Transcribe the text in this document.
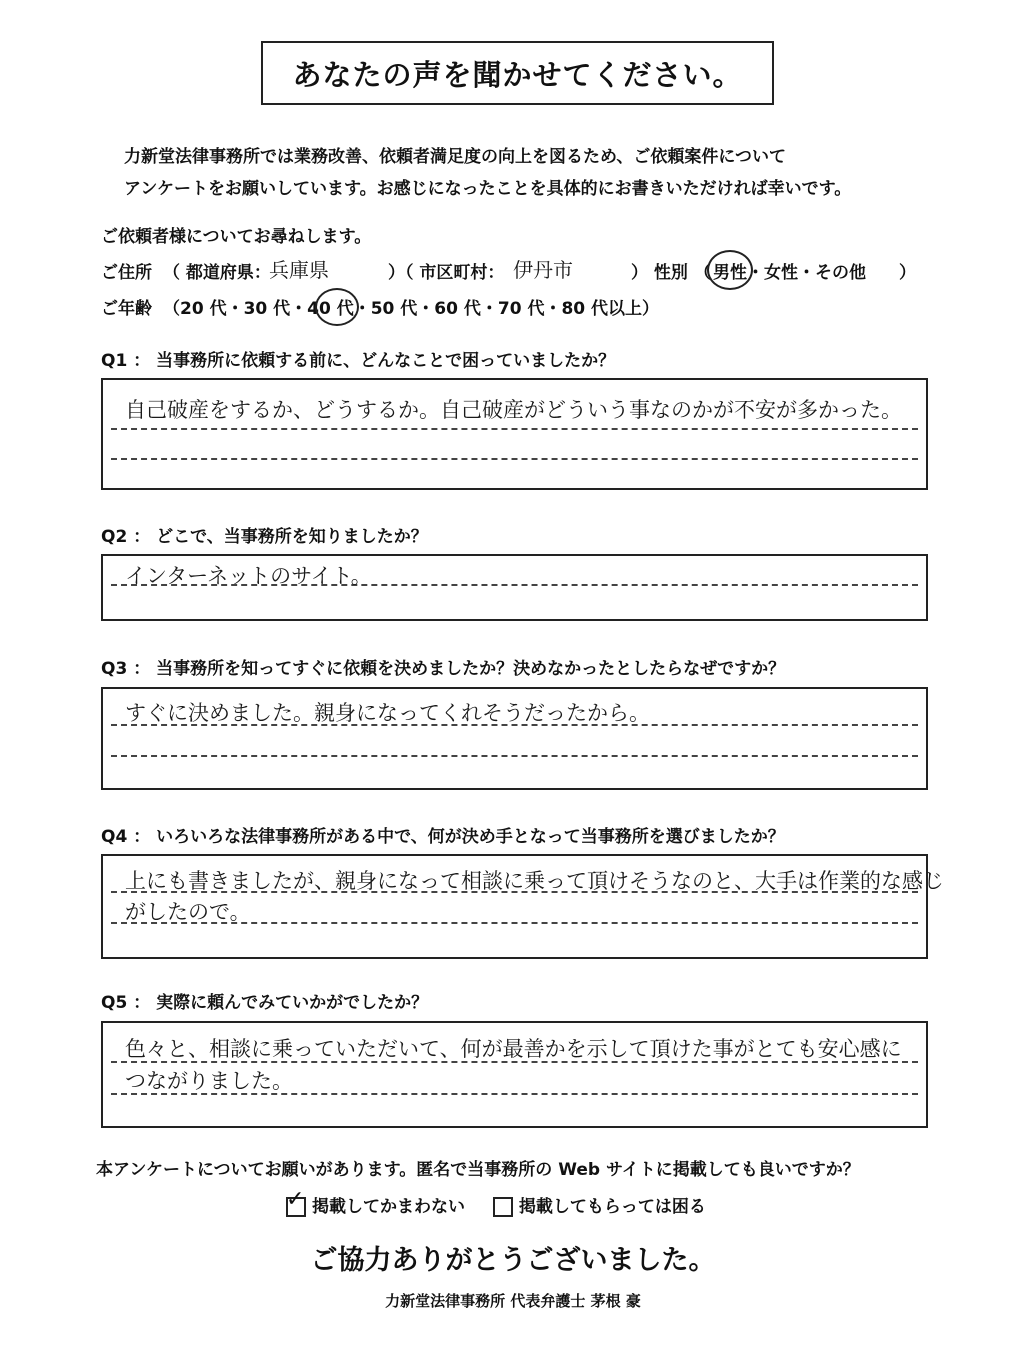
あなたの声を聞かせてください。
力新堂法律事務所では業務改善、依頼者満足度の向上を図るため、ご依頼案件について
アンケートをお願いしています。お感じになったことを具体的にお書きいただければ幸いです。
ご依頼者様についてお尋ねします。
ご住所 （ 都道府県：
兵庫県	）（ 市区町村： 伊丹市	） 性別 （ 男性・女性・その他 ）
ご年齢 （20 代・30 代・40 代・50 代・60 代・70 代・80 代以上）
Q1 ： 当事務所に依頼する前に、どんなことで困っていましたか？
自己破産をするか、どうするか。自己破産がどういう事なのかが不安が多かった。
Q2 ： どこで、当事務所を知りましたか？
インターネットのサイト。
Q3 ： 当事務所を知ってすぐに依頼を決めましたか？決めなかったとしたらなぜですか？
すぐに決めました。親身になってくれそうだったから。
Q4 ： いろいろな法律事務所がある中で、何が決め手となって当事務所を選びましたか？
上にも書きましたが、親身になって相談に乗って頂けそうなのと、大手は作業的な感じ
がしたので。
Q5 ： 実際に頼んでみていかがでしたか？
色々と、相談に乗っていただいて、何が最善かを示して頂けた事がとても安心感に
つながりました。
本アンケートについてお願いがあります。匿名で当事務所の Web サイトに掲載しても良いですか？
✓ 掲載してかまわない	掲載してもらっては困る
ご協力ありがとうございました。
力新堂法律事務所 代表弁護士 茅根 豪
